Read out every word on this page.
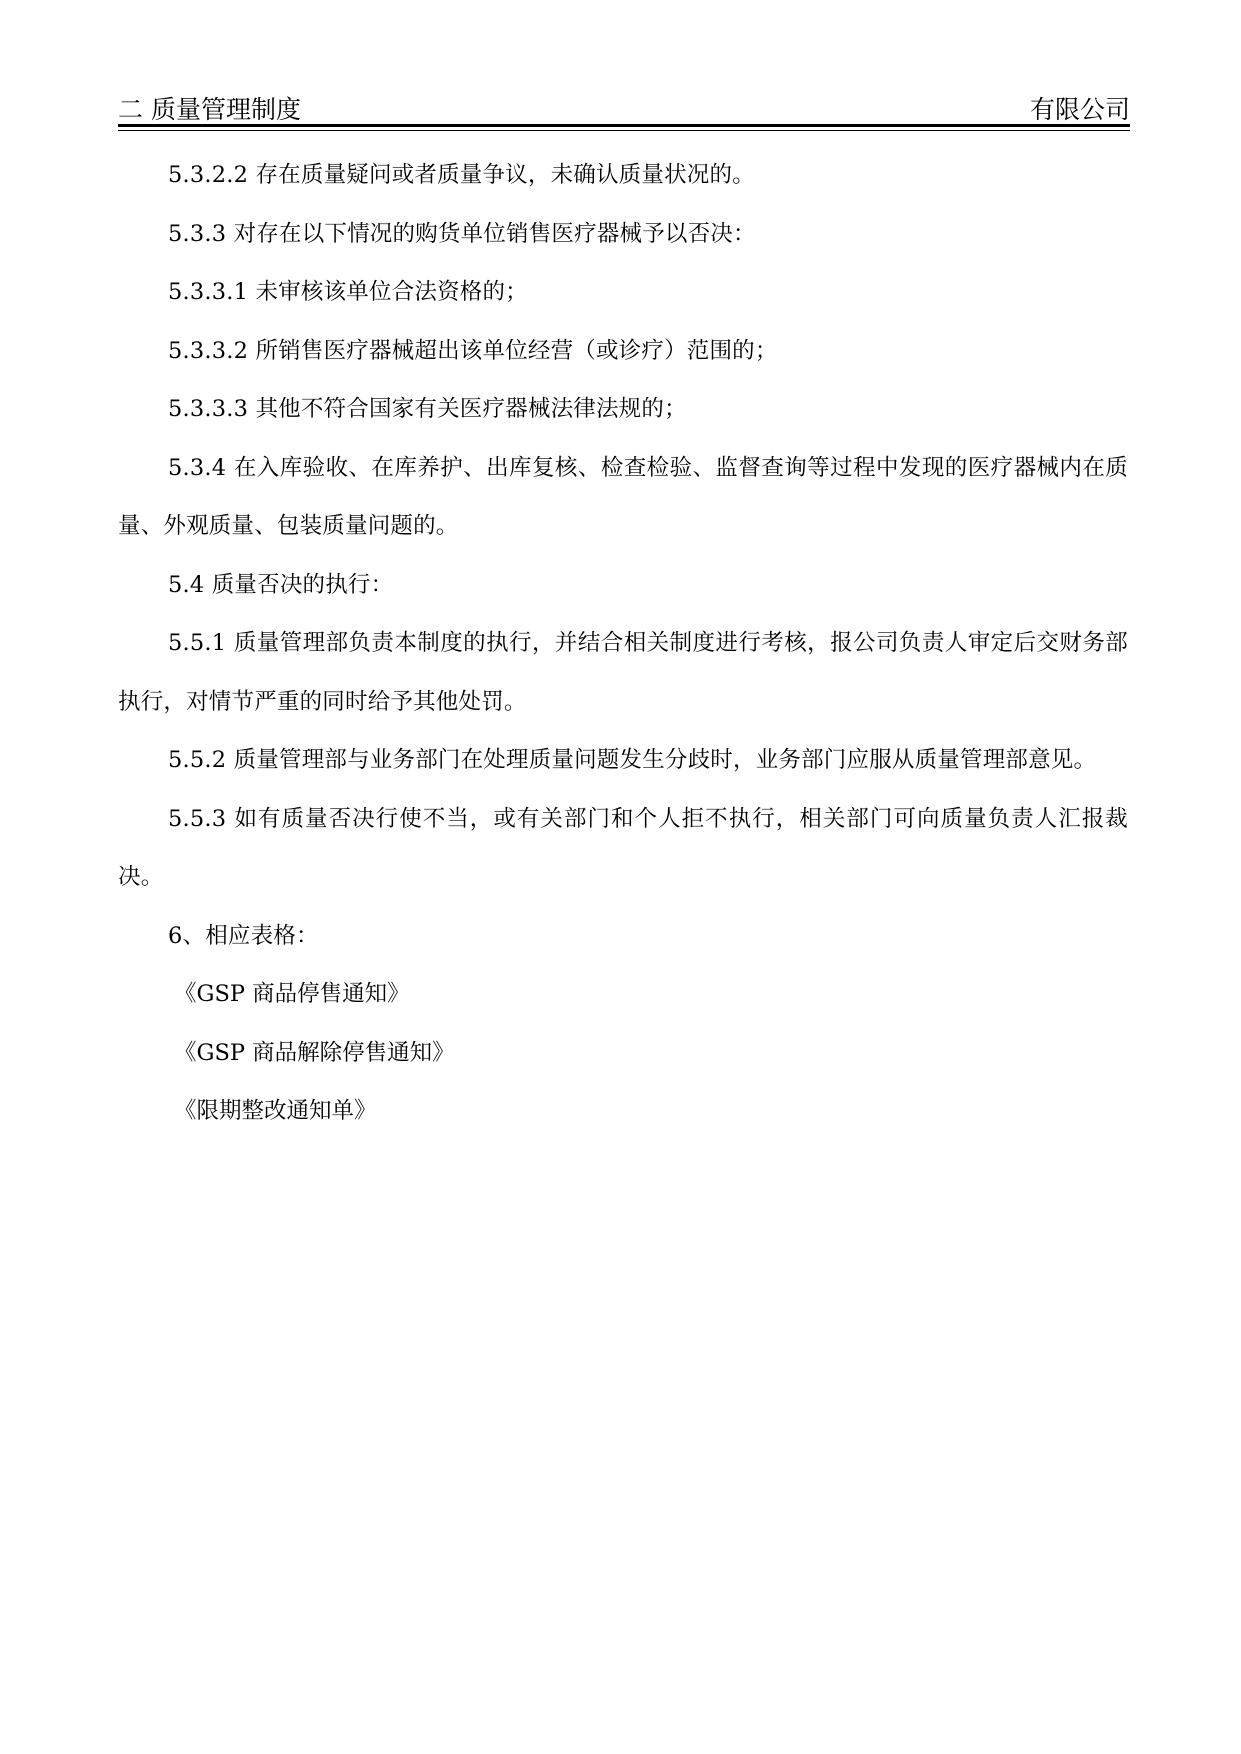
二 质量管理制度	有限公司

5.3.2.2 存在质量疑问或者质量争议，未确认质量状况的。

5.3.3 对存在以下情况的购货单位销售医疗器械予以否决：

5.3.3.1 未审核该单位合法资格的；

5.3.3.2 所销售医疗器械超出该单位经营（或诊疗）范围的；

5.3.3.3 其他不符合国家有关医疗器械法律法规的；

5.3.4 在入库验收、在库养护、出库复核、检查检验、监督查询等过程中发现的医疗器械内在质量、外观质量、包装质量问题的。

5.4 质量否决的执行：

5.5.1 质量管理部负责本制度的执行，并结合相关制度进行考核，报公司负责人审定后交财务部执行，对情节严重的同时给予其他处罚。

5.5.2 质量管理部与业务部门在处理质量问题发生分歧时，业务部门应服从质量管理部意见。

5.5.3 如有质量否决行使不当，或有关部门和个人拒不执行，相关部门可向质量负责人汇报裁决。

6、相应表格：

《GSP 商品停售通知》

《GSP 商品解除停售通知》

《限期整改通知单》
